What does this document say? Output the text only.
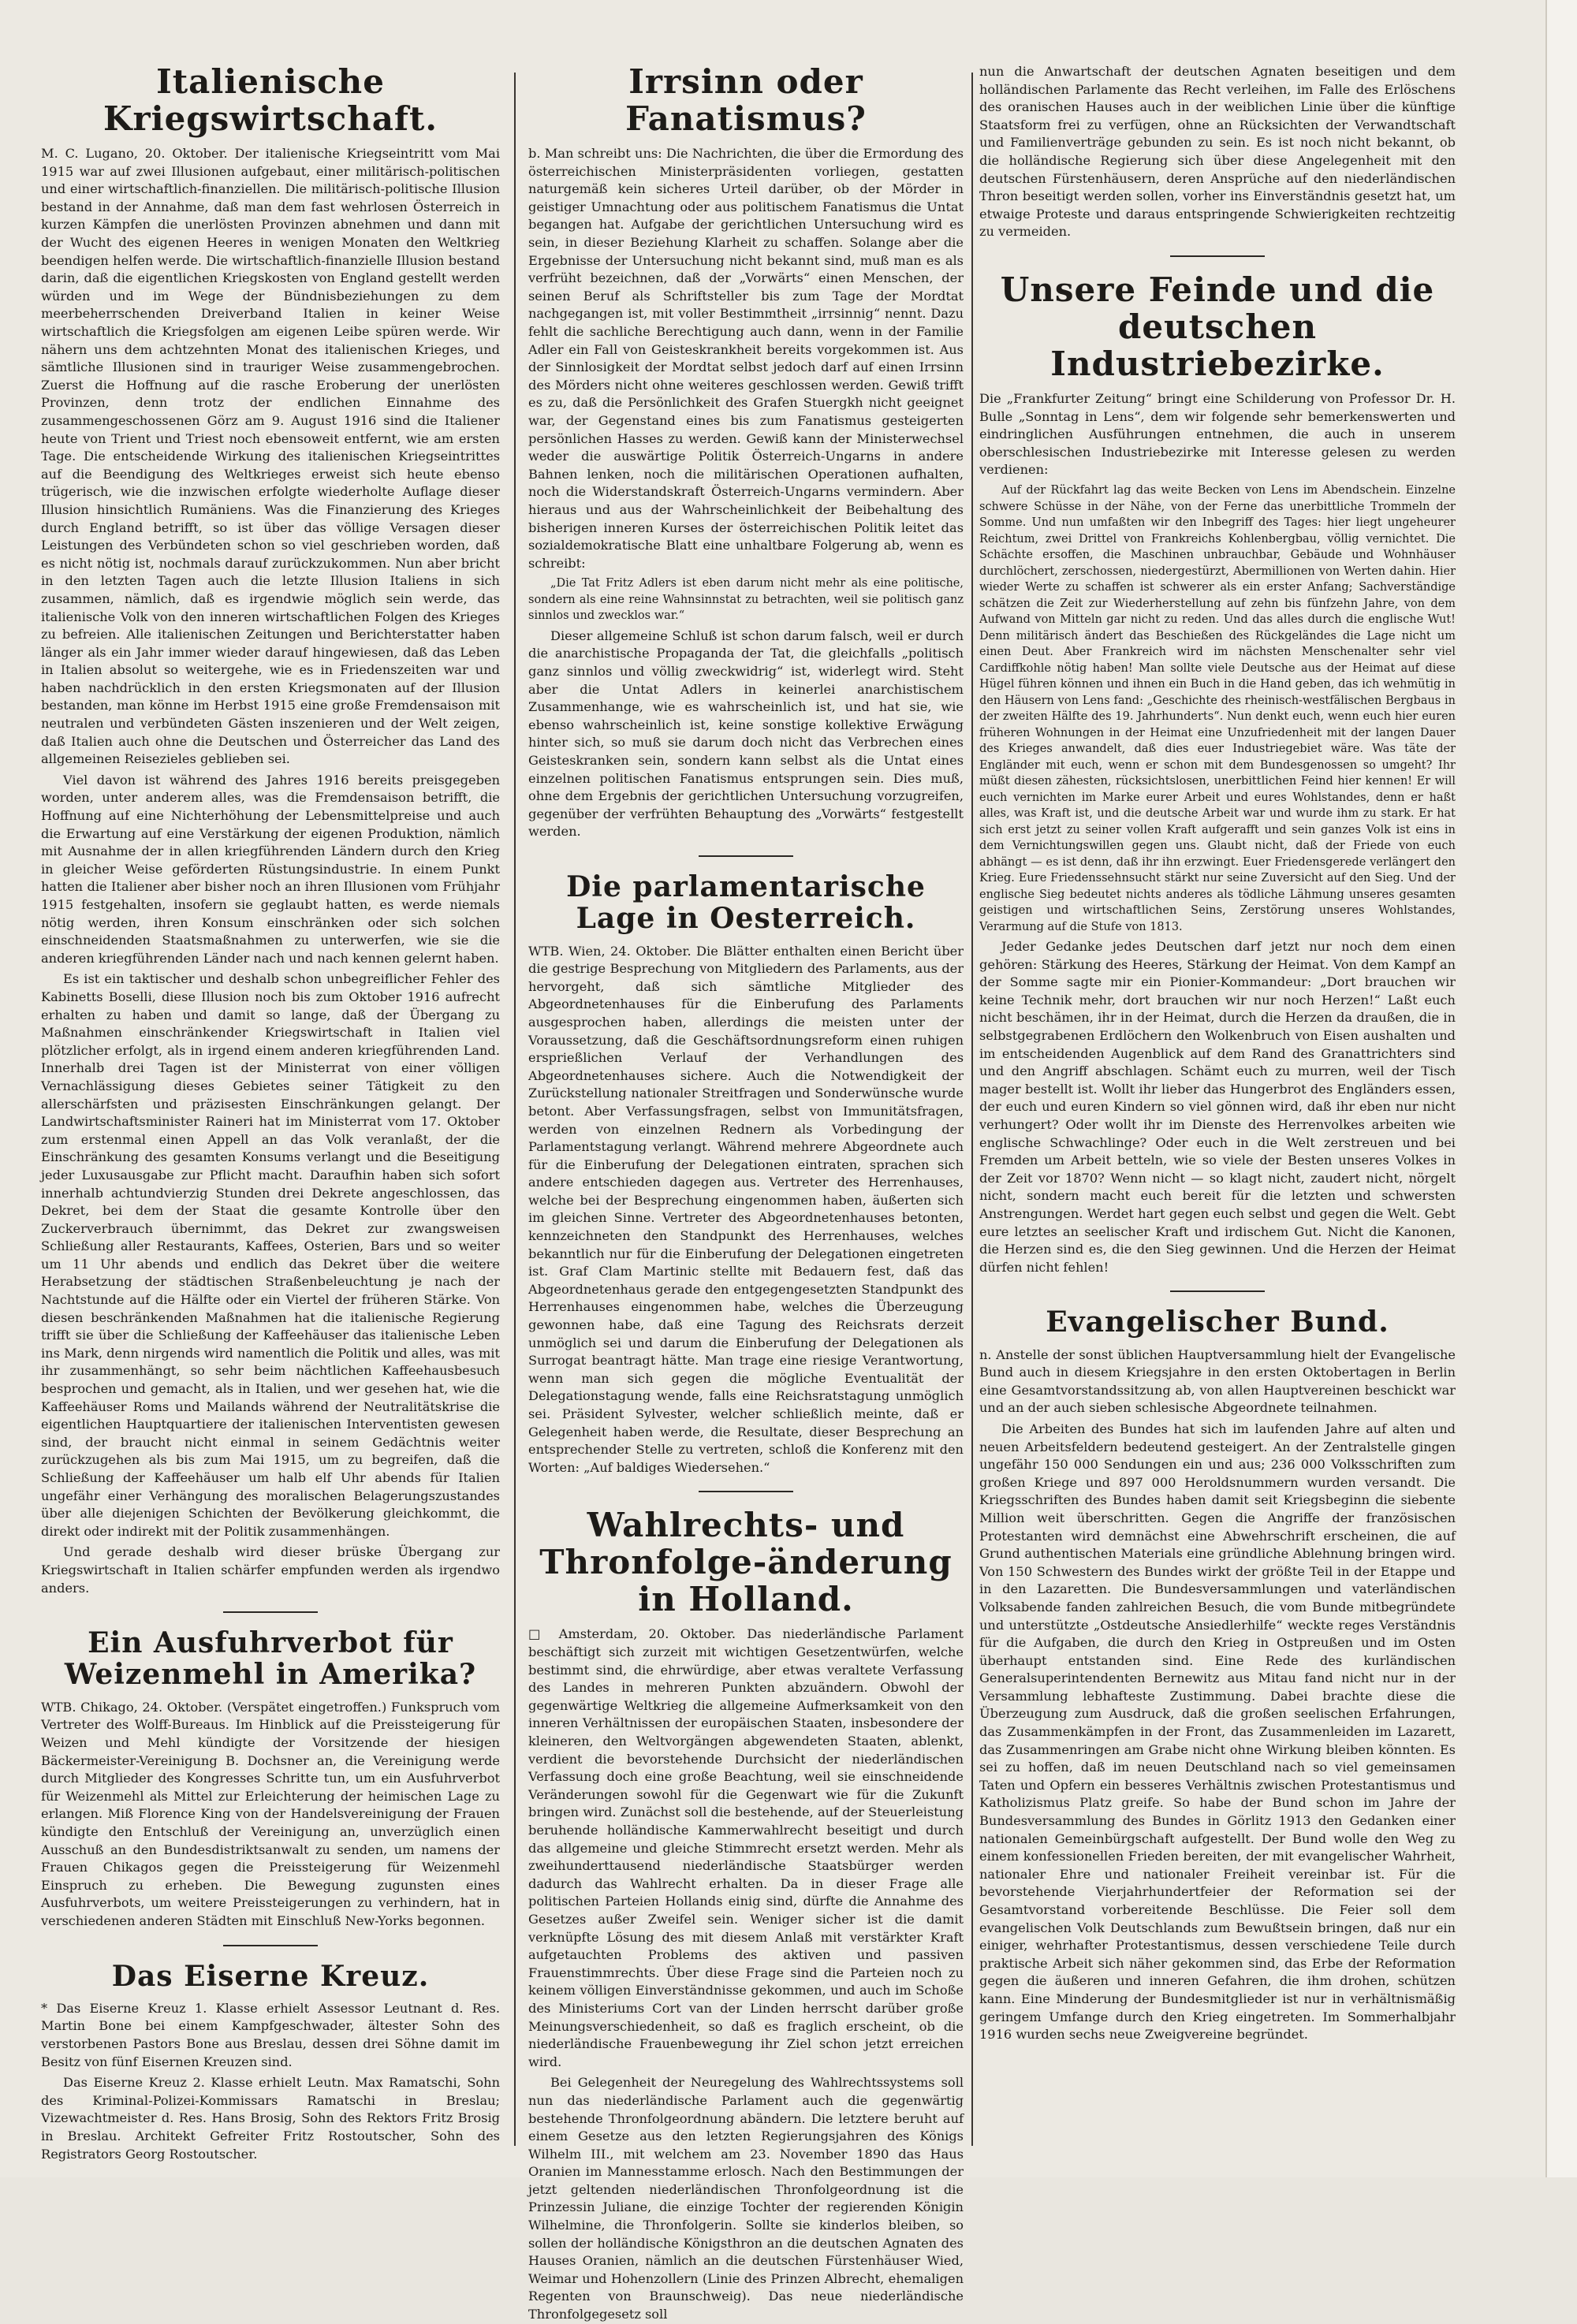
Italienische Kriegswirtschaft.

M. C. Lugano, 20. Oktober. Der italienische Kriegseintritt vom Mai 1915 war auf zwei Illusionen aufgebaut, einer militärisch-politischen und einer wirtschaftlich-finanziellen. Die militärisch-politische Illusion bestand in der Annahme, daß man dem fast wehrlosen Österreich in kurzen Kämpfen die unerlösten Provinzen abnehmen und dann mit der Wucht des eigenen Heeres in wenigen Monaten den Weltkrieg beendigen helfen werde. Die wirtschaftlich-finanzielle Illusion bestand darin, daß die eigentlichen Kriegskosten von England gestellt werden würden und im Wege der Bündnisbeziehungen zu dem meerbeherrschenden Dreiverband Italien in keiner Weise wirtschaftlich die Kriegsfolgen am eigenen Leibe spüren werde. Wir nähern uns dem achtzehnten Monat des italienischen Krieges, und sämtliche Illusionen sind in trauriger Weise zusammengebrochen. Zuerst die Hoffnung auf die rasche Eroberung der unerlösten Provinzen, denn trotz der endlichen Einnahme des zusammengeschossenen Görz am 9. August 1916 sind die Italiener heute von Trient und Triest noch ebensoweit entfernt, wie am ersten Tage. Die entscheidende Wirkung des italienischen Kriegseintrittes auf die Beendigung des Weltkrieges erweist sich heute ebenso trügerisch, wie die inzwischen erfolgte wiederholte Auflage dieser Illusion hinsichtlich Rumäniens. Was die Finanzierung des Krieges durch England betrifft, so ist über das völlige Versagen dieser Leistungen des Verbündeten schon so viel geschrieben worden, daß es nicht nötig ist, nochmals darauf zurückzukommen. Nun aber bricht in den letzten Tagen auch die letzte Illusion Italiens in sich zusammen, nämlich, daß es irgendwie möglich sein werde, das italienische Volk von den inneren wirtschaftlichen Folgen des Krieges zu befreien. Alle italienischen Zeitungen und Berichterstatter haben länger als ein Jahr immer wieder darauf hingewiesen, daß das Leben in Italien absolut so weitergehe, wie es in Friedenszeiten war und haben nachdrücklich in den ersten Kriegsmonaten auf der Illusion bestanden, man könne im Herbst 1915 eine große Fremdensaison mit neutralen und verbündeten Gästen inszenieren und der Welt zeigen, daß Italien auch ohne die Deutschen und Österreicher das Land des allgemeinen Reisezieles geblieben sei.

Viel davon ist während des Jahres 1916 bereits preisgegeben worden, unter anderem alles, was die Fremdensaison betrifft, die Hoffnung auf eine Nichterhöhung der Lebensmittelpreise und auch die Erwartung auf eine Verstärkung der eigenen Produktion, nämlich mit Ausnahme der in allen kriegführenden Ländern durch den Krieg in gleicher Weise geförderten Rüstungsindustrie. In einem Punkt hatten die Italiener aber bisher noch an ihren Illusionen vom Frühjahr 1915 festgehalten, insofern sie geglaubt hatten, es werde niemals nötig werden, ihren Konsum einschränken oder sich solchen einschneidenden Staatsmaßnahmen zu unterwerfen, wie sie die anderen kriegführenden Länder nach und nach kennen gelernt haben.

Es ist ein taktischer und deshalb schon unbegreiflicher Fehler des Kabinetts Boselli, diese Illusion noch bis zum Oktober 1916 aufrecht erhalten zu haben und damit so lange, daß der Übergang zu Maßnahmen einschränkender Kriegswirtschaft in Italien viel plötzlicher erfolgt, als in irgend einem anderen kriegführenden Land. Innerhalb drei Tagen ist der Ministerrat von einer völligen Vernachlässigung dieses Gebietes seiner Tätigkeit zu den allerschärfsten und präzisesten Einschränkungen gelangt. Der Landwirtschaftsminister Raineri hat im Ministerrat vom 17. Oktober zum erstenmal einen Appell an das Volk veranlaßt, der die Einschränkung des gesamten Konsums verlangt und die Beseitigung jeder Luxusausgabe zur Pflicht macht. Daraufhin haben sich sofort innerhalb achtundvierzig Stunden drei Dekrete angeschlossen, das Dekret, bei dem der Staat die gesamte Kontrolle über den Zuckerverbrauch übernimmt, das Dekret zur zwangsweisen Schließung aller Restaurants, Kaffees, Osterien, Bars und so weiter um 11 Uhr abends und endlich das Dekret über die weitere Herabsetzung der städtischen Straßenbeleuchtung je nach der Nachtstunde auf die Hälfte oder ein Viertel der früheren Stärke. Von diesen beschränkenden Maßnahmen hat die italienische Regierung trifft sie über die Schließung der Kaffeehäuser das italienische Leben ins Mark, denn nirgends wird namentlich die Politik und alles, was mit ihr zusammenhängt, so sehr beim nächtlichen Kaffeehausbesuch besprochen und gemacht, als in Italien, und wer gesehen hat, wie die Kaffeehäuser Roms und Mailands während der Neutralitätskrise die eigentlichen Hauptquartiere der italienischen Interventisten gewesen sind, der braucht nicht einmal in seinem Gedächtnis weiter zurückzugehen als bis zum Mai 1915, um zu begreifen, daß die Schließung der Kaffeehäuser um halb elf Uhr abends für Italien ungefähr einer Verhängung des moralischen Belagerungszustandes über alle diejenigen Schichten der Bevölkerung gleichkommt, die direkt oder indirekt mit der Politik zusammenhängen.

Und gerade deshalb wird dieser brüske Übergang zur Kriegswirtschaft in Italien schärfer empfunden werden als irgendwo anders.

Ein Ausfuhrverbot für Weizenmehl in Amerika?

WTB. Chikago, 24. Oktober. (Verspätet eingetroffen.) Funkspruch vom Vertreter des Wolff-Bureaus. Im Hinblick auf die Preissteigerung für Weizen und Mehl kündigte der Vorsitzende der hiesigen Bäckermeister-Vereinigung B. Dochsner an, die Vereinigung werde durch Mitglieder des Kongresses Schritte tun, um ein Ausfuhrverbot für Weizenmehl als Mittel zur Erleichterung der heimischen Lage zu erlangen. Miß Florence King von der Handelsvereinigung der Frauen kündigte den Entschluß der Vereinigung an, unverzüglich einen Ausschuß an den Bundesdistriktsanwalt zu senden, um namens der Frauen Chikagos gegen die Preissteigerung für Weizenmehl Einspruch zu erheben. Die Bewegung zugunsten eines Ausfuhrverbots, um weitere Preissteigerungen zu verhindern, hat in verschiedenen anderen Städten mit Einschluß New-Yorks begonnen.

Das Eiserne Kreuz.

* Das Eiserne Kreuz 1. Klasse erhielt Assessor Leutnant d. Res. Martin Bone bei einem Kampfgeschwader, ältester Sohn des verstorbenen Pastors Bone aus Breslau, dessen drei Söhne damit im Besitz von fünf Eisernen Kreuzen sind.

Das Eiserne Kreuz 2. Klasse erhielt Leutn. Max Ramatschi, Sohn des Kriminal-Polizei-Kommissars Ramatschi in Breslau; Vizewachtmeister d. Res. Hans Brosig, Sohn des Rektors Fritz Brosig in Breslau. Architekt Gefreiter Fritz Rostoutscher, Sohn des Registrators Georg Rostoutscher.

Irrsinn oder Fanatismus?

b. Man schreibt uns: Die Nachrichten, die über die Ermordung des österreichischen Ministerpräsidenten vorliegen, gestatten naturgemäß kein sicheres Urteil darüber, ob der Mörder in geistiger Umnachtung oder aus politischem Fanatismus die Untat begangen hat. Aufgabe der gerichtlichen Untersuchung wird es sein, in dieser Beziehung Klarheit zu schaffen. Solange aber die Ergebnisse der Untersuchung nicht bekannt sind, muß man es als verfrüht bezeichnen, daß der „Vorwärts“ einen Menschen, der seinen Beruf als Schriftsteller bis zum Tage der Mordtat nachgegangen ist, mit voller Bestimmtheit „irrsinnig“ nennt. Dazu fehlt die sachliche Berechtigung auch dann, wenn in der Familie Adler ein Fall von Geisteskrankheit bereits vorgekommen ist. Aus der Sinnlosigkeit der Mordtat selbst jedoch darf auf einen Irrsinn des Mörders nicht ohne weiteres geschlossen werden. Gewiß trifft es zu, daß die Persönlichkeit des Grafen Stuergkh nicht geeignet war, der Gegenstand eines bis zum Fanatismus gesteigerten persönlichen Hasses zu werden. Gewiß kann der Ministerwechsel weder die auswärtige Politik Österreich-Ungarns in andere Bahnen lenken, noch die militärischen Operationen aufhalten, noch die Widerstandskraft Österreich-Ungarns vermindern. Aber hieraus und aus der Wahrscheinlichkeit der Beibehaltung des bisherigen inneren Kurses der österreichischen Politik leitet das sozialdemokratische Blatt eine unhaltbare Folgerung ab, wenn es schreibt:

„Die Tat Fritz Adlers ist eben darum nicht mehr als eine politische, sondern als eine reine Wahnsinnstat zu betrachten, weil sie politisch ganz sinnlos und zwecklos war.“

Dieser allgemeine Schluß ist schon darum falsch, weil er durch die anarchistische Propaganda der Tat, die gleichfalls „politisch ganz sinnlos und völlig zweckwidrig“ ist, widerlegt wird. Steht aber die Untat Adlers in keinerlei anarchistischem Zusammenhange, wie es wahrscheinlich ist, und hat sie, wie ebenso wahrscheinlich ist, keine sonstige kollektive Erwägung hinter sich, so muß sie darum doch nicht das Verbrechen eines Geisteskranken sein, sondern kann selbst als die Untat eines einzelnen politischen Fanatismus entsprungen sein. Dies muß, ohne dem Ergebnis der gerichtlichen Untersuchung vorzugreifen, gegenüber der verfrühten Behauptung des „Vorwärts“ festgestellt werden.

Die parlamentarische Lage in Oesterreich.

WTB. Wien, 24. Oktober. Die Blätter enthalten einen Bericht über die gestrige Besprechung von Mitgliedern des Parlaments, aus der hervorgeht, daß sich sämtliche Mitglieder des Abgeordnetenhauses für die Einberufung des Parlaments ausgesprochen haben, allerdings die meisten unter der Voraussetzung, daß die Geschäftsordnungsreform einen ruhigen ersprießlichen Verlauf der Verhandlungen des Abgeordnetenhauses sichere. Auch die Notwendigkeit der Zurückstellung nationaler Streitfragen und Sonderwünsche wurde betont. Aber Verfassungsfragen, selbst von Immunitätsfragen, werden von einzelnen Rednern als Vorbedingung der Parlamentstagung verlangt. Während mehrere Abgeordnete auch für die Einberufung der Delegationen eintraten, sprachen sich andere entschieden dagegen aus. Vertreter des Herrenhauses, welche bei der Besprechung eingenommen haben, äußerten sich im gleichen Sinne. Vertreter des Abgeordnetenhauses betonten, kennzeichneten den Standpunkt des Herrenhauses, welches bekanntlich nur für die Einberufung der Delegationen eingetreten ist. Graf Clam Martinic stellte mit Bedauern fest, daß das Abgeordnetenhaus gerade den entgegengesetzten Standpunkt des Herrenhauses eingenommen habe, welches die Überzeugung gewonnen habe, daß eine Tagung des Reichsrats derzeit unmöglich sei und darum die Einberufung der Delegationen als Surrogat beantragt hätte. Man trage eine riesige Verantwortung, wenn man sich gegen die mögliche Eventualität der Delegationstagung wende, falls eine Reichsratstagung unmöglich sei. Präsident Sylvester, welcher schließlich meinte, daß er Gelegenheit haben werde, die Resultate, dieser Besprechung an entsprechender Stelle zu vertreten, schloß die Konferenz mit den Worten: „Auf baldiges Wiedersehen.“

Wahlrechts- und Thronfolge-änderung in Holland.

□ Amsterdam, 20. Oktober. Das niederländische Parlament beschäftigt sich zurzeit mit wichtigen Gesetzentwürfen, welche bestimmt sind, die ehrwürdige, aber etwas veraltete Verfassung des Landes in mehreren Punkten abzuändern. Obwohl der gegenwärtige Weltkrieg die allgemeine Aufmerksamkeit von den inneren Verhältnissen der europäischen Staaten, insbesondere der kleineren, den Weltvorgängen abgewendeten Staaten, ablenkt, verdient die bevorstehende Durchsicht der niederländischen Verfassung doch eine große Beachtung, weil sie einschneidende Veränderungen sowohl für die Gegenwart wie für die Zukunft bringen wird. Zunächst soll die bestehende, auf der Steuerleistung beruhende holländische Kammerwahlrecht beseitigt und durch das allgemeine und gleiche Stimmrecht ersetzt werden. Mehr als zweihunderttausend niederländische Staatsbürger werden dadurch das Wahlrecht erhalten. Da in dieser Frage alle politischen Parteien Hollands einig sind, dürfte die Annahme des Gesetzes außer Zweifel sein. Weniger sicher ist die damit verknüpfte Lösung des mit diesem Anlaß mit verstärkter Kraft aufgetauchten Problems des aktiven und passiven Frauenstimmrechts. Über diese Frage sind die Parteien noch zu keinem völligen Einverständnisse gekommen, und auch im Schoße des Ministeriums Cort van der Linden herrscht darüber große Meinungsverschiedenheit, so daß es fraglich erscheint, ob die niederländische Frauenbewegung ihr Ziel schon jetzt erreichen wird.

Bei Gelegenheit der Neuregelung des Wahlrechtssystems soll nun das niederländische Parlament auch die gegenwärtig bestehende Thronfolgeordnung abändern. Die letztere beruht auf einem Gesetze aus den letzten Regierungsjahren des Königs Wilhelm III., mit welchem am 23. November 1890 das Haus Oranien im Mannesstamme erlosch. Nach den Bestimmungen der jetzt geltenden niederländischen Thronfolgeordnung ist die Prinzessin Juliane, die einzige Tochter der regierenden Königin Wilhelmine, die Thronfolgerin. Sollte sie kinderlos bleiben, so sollen der holländische Königsthron an die deutschen Agnaten des Hauses Oranien, nämlich an die deutschen Fürstenhäuser Wied, Weimar und Hohenzollern (Linie des Prinzen Albrecht, ehemaligen Regenten von Braunschweig). Das neue niederländische Thronfolgegesetz soll

nun die Anwartschaft der deutschen Agnaten beseitigen und dem holländischen Parlamente das Recht verleihen, im Falle des Erlöschens des oranischen Hauses auch in der weiblichen Linie über die künftige Staatsform frei zu verfügen, ohne an Rücksichten der Verwandtschaft und Familienverträge gebunden zu sein. Es ist noch nicht bekannt, ob die holländische Regierung sich über diese Angelegenheit mit den deutschen Fürstenhäusern, deren Ansprüche auf den niederländischen Thron beseitigt werden sollen, vorher ins Einverständnis gesetzt hat, um etwaige Proteste und daraus entspringende Schwierigkeiten rechtzeitig zu vermeiden.

Unsere Feinde und die deutschen Industriebezirke.

Die „Frankfurter Zeitung“ bringt eine Schilderung von Professor Dr. H. Bulle „Sonntag in Lens“, dem wir folgende sehr bemerkenswerten und eindringlichen Ausführungen entnehmen, die auch in unserem oberschlesischen Industriebezirke mit Interesse gelesen zu werden verdienen:

Auf der Rückfahrt lag das weite Becken von Lens im Abendschein. Einzelne schwere Schüsse in der Nähe, von der Ferne das unerbittliche Trommeln der Somme. Und nun umfaßten wir den Inbegriff des Tages: hier liegt ungeheurer Reichtum, zwei Drittel von Frankreichs Kohlenbergbau, völlig vernichtet. Die Schächte ersoffen, die Maschinen unbrauchbar, Gebäude und Wohnhäuser durchlöchert, zerschossen, niedergestürzt, Abermillionen von Werten dahin. Hier wieder Werte zu schaffen ist schwerer als ein erster Anfang; Sachverständige schätzen die Zeit zur Wiederherstellung auf zehn bis fünfzehn Jahre, von dem Aufwand von Mitteln gar nicht zu reden. Und das alles durch die englische Wut! Denn militärisch ändert das Beschießen des Rückgeländes die Lage nicht um einen Deut. Aber Frankreich wird im nächsten Menschenalter sehr viel Cardiffkohle nötig haben! Man sollte viele Deutsche aus der Heimat auf diese Hügel führen können und ihnen ein Buch in die Hand geben, das ich wehmütig in den Häusern von Lens fand: „Geschichte des rheinisch-westfälischen Bergbaus in der zweiten Hälfte des 19. Jahrhunderts“. Nun denkt euch, wenn euch hier euren früheren Wohnungen in der Heimat eine Unzufriedenheit mit der langen Dauer des Krieges anwandelt, daß dies euer Industriegebiet wäre. Was täte der Engländer mit euch, wenn er schon mit dem Bundesgenossen so umgeht? Ihr müßt diesen zähesten, rücksichtslosen, unerbittlichen Feind hier kennen! Er will euch vernichten im Marke eurer Arbeit und eures Wohlstandes, denn er haßt alles, was Kraft ist, und die deutsche Arbeit war und wurde ihm zu stark. Er hat sich erst jetzt zu seiner vollen Kraft aufgerafft und sein ganzes Volk ist eins in dem Vernichtungswillen gegen uns. Glaubt nicht, daß der Friede von euch abhängt — es ist denn, daß ihr ihn erzwingt. Euer Friedensgerede verlängert den Krieg. Eure Friedenssehnsucht stärkt nur seine Zuversicht auf den Sieg. Und der englische Sieg bedeutet nichts anderes als tödliche Lähmung unseres gesamten geistigen und wirtschaftlichen Seins, Zerstörung unseres Wohlstandes, Verarmung auf die Stufe von 1813.

Jeder Gedanke jedes Deutschen darf jetzt nur noch dem einen gehören: Stärkung des Heeres, Stärkung der Heimat. Von dem Kampf an der Somme sagte mir ein Pionier-Kommandeur: „Dort brauchen wir keine Technik mehr, dort brauchen wir nur noch Herzen!“ Laßt euch nicht beschämen, ihr in der Heimat, durch die Herzen da draußen, die in selbstgegrabenen Erdlöchern den Wolkenbruch von Eisen aushalten und im entscheidenden Augenblick auf dem Rand des Granattrichters sind und den Angriff abschlagen. Schämt euch zu murren, weil der Tisch mager bestellt ist. Wollt ihr lieber das Hungerbrot des Engländers essen, der euch und euren Kindern so viel gönnen wird, daß ihr eben nur nicht verhungert? Oder wollt ihr im Dienste des Herrenvolkes arbeiten wie englische Schwachlinge? Oder euch in die Welt zerstreuen und bei Fremden um Arbeit betteln, wie so viele der Besten unseres Volkes in der Zeit vor 1870? Wenn nicht — so klagt nicht, zaudert nicht, nörgelt nicht, sondern macht euch bereit für die letzten und schwersten Anstrengungen. Werdet hart gegen euch selbst und gegen die Welt. Gebt eure letztes an seelischer Kraft und irdischem Gut. Nicht die Kanonen, die Herzen sind es, die den Sieg gewinnen. Und die Herzen der Heimat dürfen nicht fehlen!

Evangelischer Bund.

n. Anstelle der sonst üblichen Hauptversammlung hielt der Evangelische Bund auch in diesem Kriegsjahre in den ersten Oktobertagen in Berlin eine Gesamtvorstandssitzung ab, von allen Hauptvereinen beschickt war und an der auch sieben schlesische Abgeordnete teilnahmen.

Die Arbeiten des Bundes hat sich im laufenden Jahre auf alten und neuen Arbeitsfeldern bedeutend gesteigert. An der Zentralstelle gingen ungefähr 150 000 Sendungen ein und aus; 236 000 Volksschriften zum großen Kriege und 897 000 Heroldsnummern wurden versandt. Die Kriegsschriften des Bundes haben damit seit Kriegsbeginn die siebente Million weit überschritten. Gegen die Angriffe der französischen Protestanten wird demnächst eine Abwehrschrift erscheinen, die auf Grund authentischen Materials eine gründliche Ablehnung bringen wird. Von 150 Schwestern des Bundes wirkt der größte Teil in der Etappe und in den Lazaretten. Die Bundesversammlungen und vaterländischen Volksabende fanden zahlreichen Besuch, die vom Bunde mitbegründete und unterstützte „Ostdeutsche Ansiedlerhilfe“ weckte reges Verständnis für die Aufgaben, die durch den Krieg in Ostpreußen und im Osten überhaupt entstanden sind. Eine Rede des kurländischen Generalsuperintendenten Bernewitz aus Mitau fand nicht nur in der Versammlung lebhafteste Zustimmung. Dabei brachte diese die Überzeugung zum Ausdruck, daß die großen seelischen Erfahrungen, das Zusammenkämpfen in der Front, das Zusammenleiden im Lazarett, das Zusammenringen am Grabe nicht ohne Wirkung bleiben könnten. Es sei zu hoffen, daß im neuen Deutschland nach so viel gemeinsamen Taten und Opfern ein besseres Verhältnis zwischen Protestantismus und Katholizismus Platz greife. So habe der Bund schon im Jahre der Bundesversammlung des Bundes in Görlitz 1913 den Gedanken einer nationalen Gemeinbürgschaft aufgestellt. Der Bund wolle den Weg zu einem konfessionellen Frieden bereiten, der mit evangelischer Wahrheit, nationaler Ehre und nationaler Freiheit vereinbar ist. Für die bevorstehende Vierjahrhundertfeier der Reformation sei der Gesamtvorstand vorbereitende Beschlüsse. Die Feier soll dem evangelischen Volk Deutschlands zum Bewußtsein bringen, daß nur ein einiger, wehrhafter Protestantismus, dessen verschiedene Teile durch praktische Arbeit sich näher gekommen sind, das Erbe der Reformation gegen die äußeren und inneren Gefahren, die ihm drohen, schützen kann. Eine Minderung der Bundesmitglieder ist nur in verhältnismäßig geringem Umfange durch den Krieg eingetreten. Im Sommerhalbjahr 1916 wurden sechs neue Zweigvereine begründet.
